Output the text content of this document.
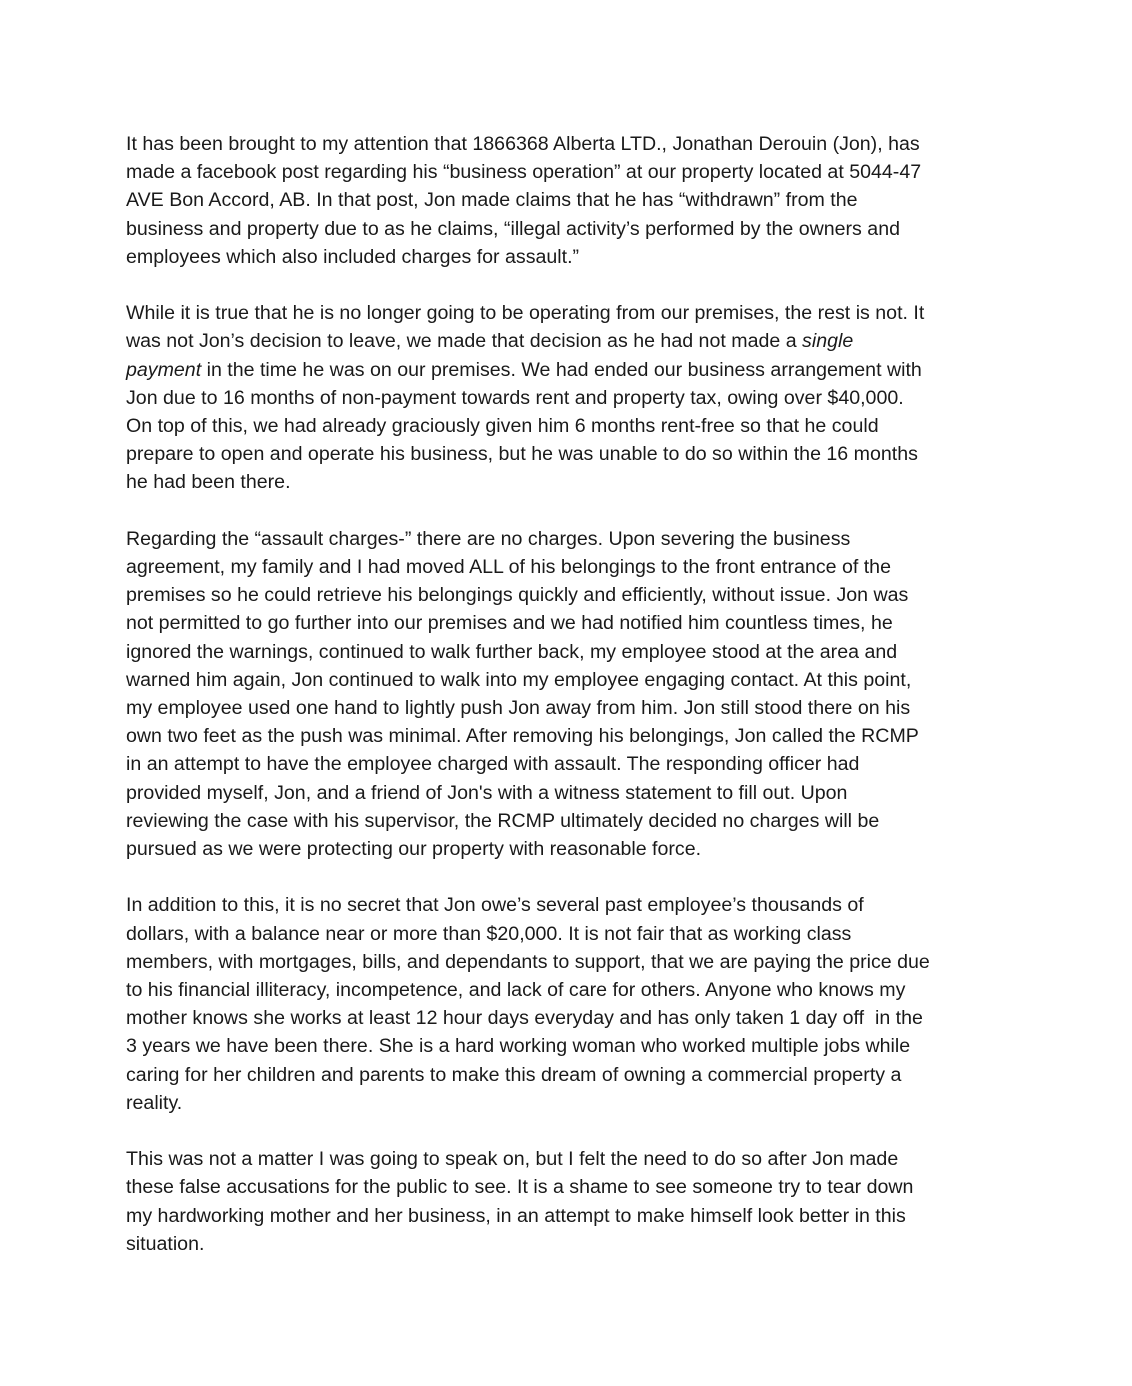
It has been brought to my attention that 1866368 Alberta LTD., Jonathan Derouin (Jon), has
made a facebook post regarding his “business operation” at our property located at 5044-47
AVE Bon Accord, AB. In that post, Jon made claims that he has “withdrawn” from the
business and property due to as he claims, “illegal activity’s performed by the owners and
employees which also included charges for assault.”

While it is true that he is no longer going to be operating from our premises, the rest is not. It
was not Jon’s decision to leave, we made that decision as he had not made a single
payment in the time he was on our premises. We had ended our business arrangement with
Jon due to 16 months of non-payment towards rent and property tax, owing over $40,000.
On top of this, we had already graciously given him 6 months rent-free so that he could
prepare to open and operate his business, but he was unable to do so within the 16 months
he had been there.

Regarding the “assault charges-” there are no charges. Upon severing the business
agreement, my family and I had moved ALL of his belongings to the front entrance of the
premises so he could retrieve his belongings quickly and efficiently, without issue. Jon was
not permitted to go further into our premises and we had notified him countless times, he
ignored the warnings, continued to walk further back, my employee stood at the area and
warned him again, Jon continued to walk into my employee engaging contact. At this point,
my employee used one hand to lightly push Jon away from him. Jon still stood there on his
own two feet as the push was minimal. After removing his belongings, Jon called the RCMP
in an attempt to have the employee charged with assault. The responding officer had
provided myself, Jon, and a friend of Jon's with a witness statement to fill out. Upon
reviewing the case with his supervisor, the RCMP ultimately decided no charges will be
pursued as we were protecting our property with reasonable force.

In addition to this, it is no secret that Jon owe’s several past employee’s thousands of
dollars, with a balance near or more than $20,000. It is not fair that as working class
members, with mortgages, bills, and dependants to support, that we are paying the price due
to his financial illiteracy, incompetence, and lack of care for others. Anyone who knows my
mother knows she works at least 12 hour days everyday and has only taken 1 day off  in the
3 years we have been there. She is a hard working woman who worked multiple jobs while
caring for her children and parents to make this dream of owning a commercial property a
reality.

This was not a matter I was going to speak on, but I felt the need to do so after Jon made
these false accusations for the public to see. It is a shame to see someone try to tear down
my hardworking mother and her business, in an attempt to make himself look better in this
situation.
